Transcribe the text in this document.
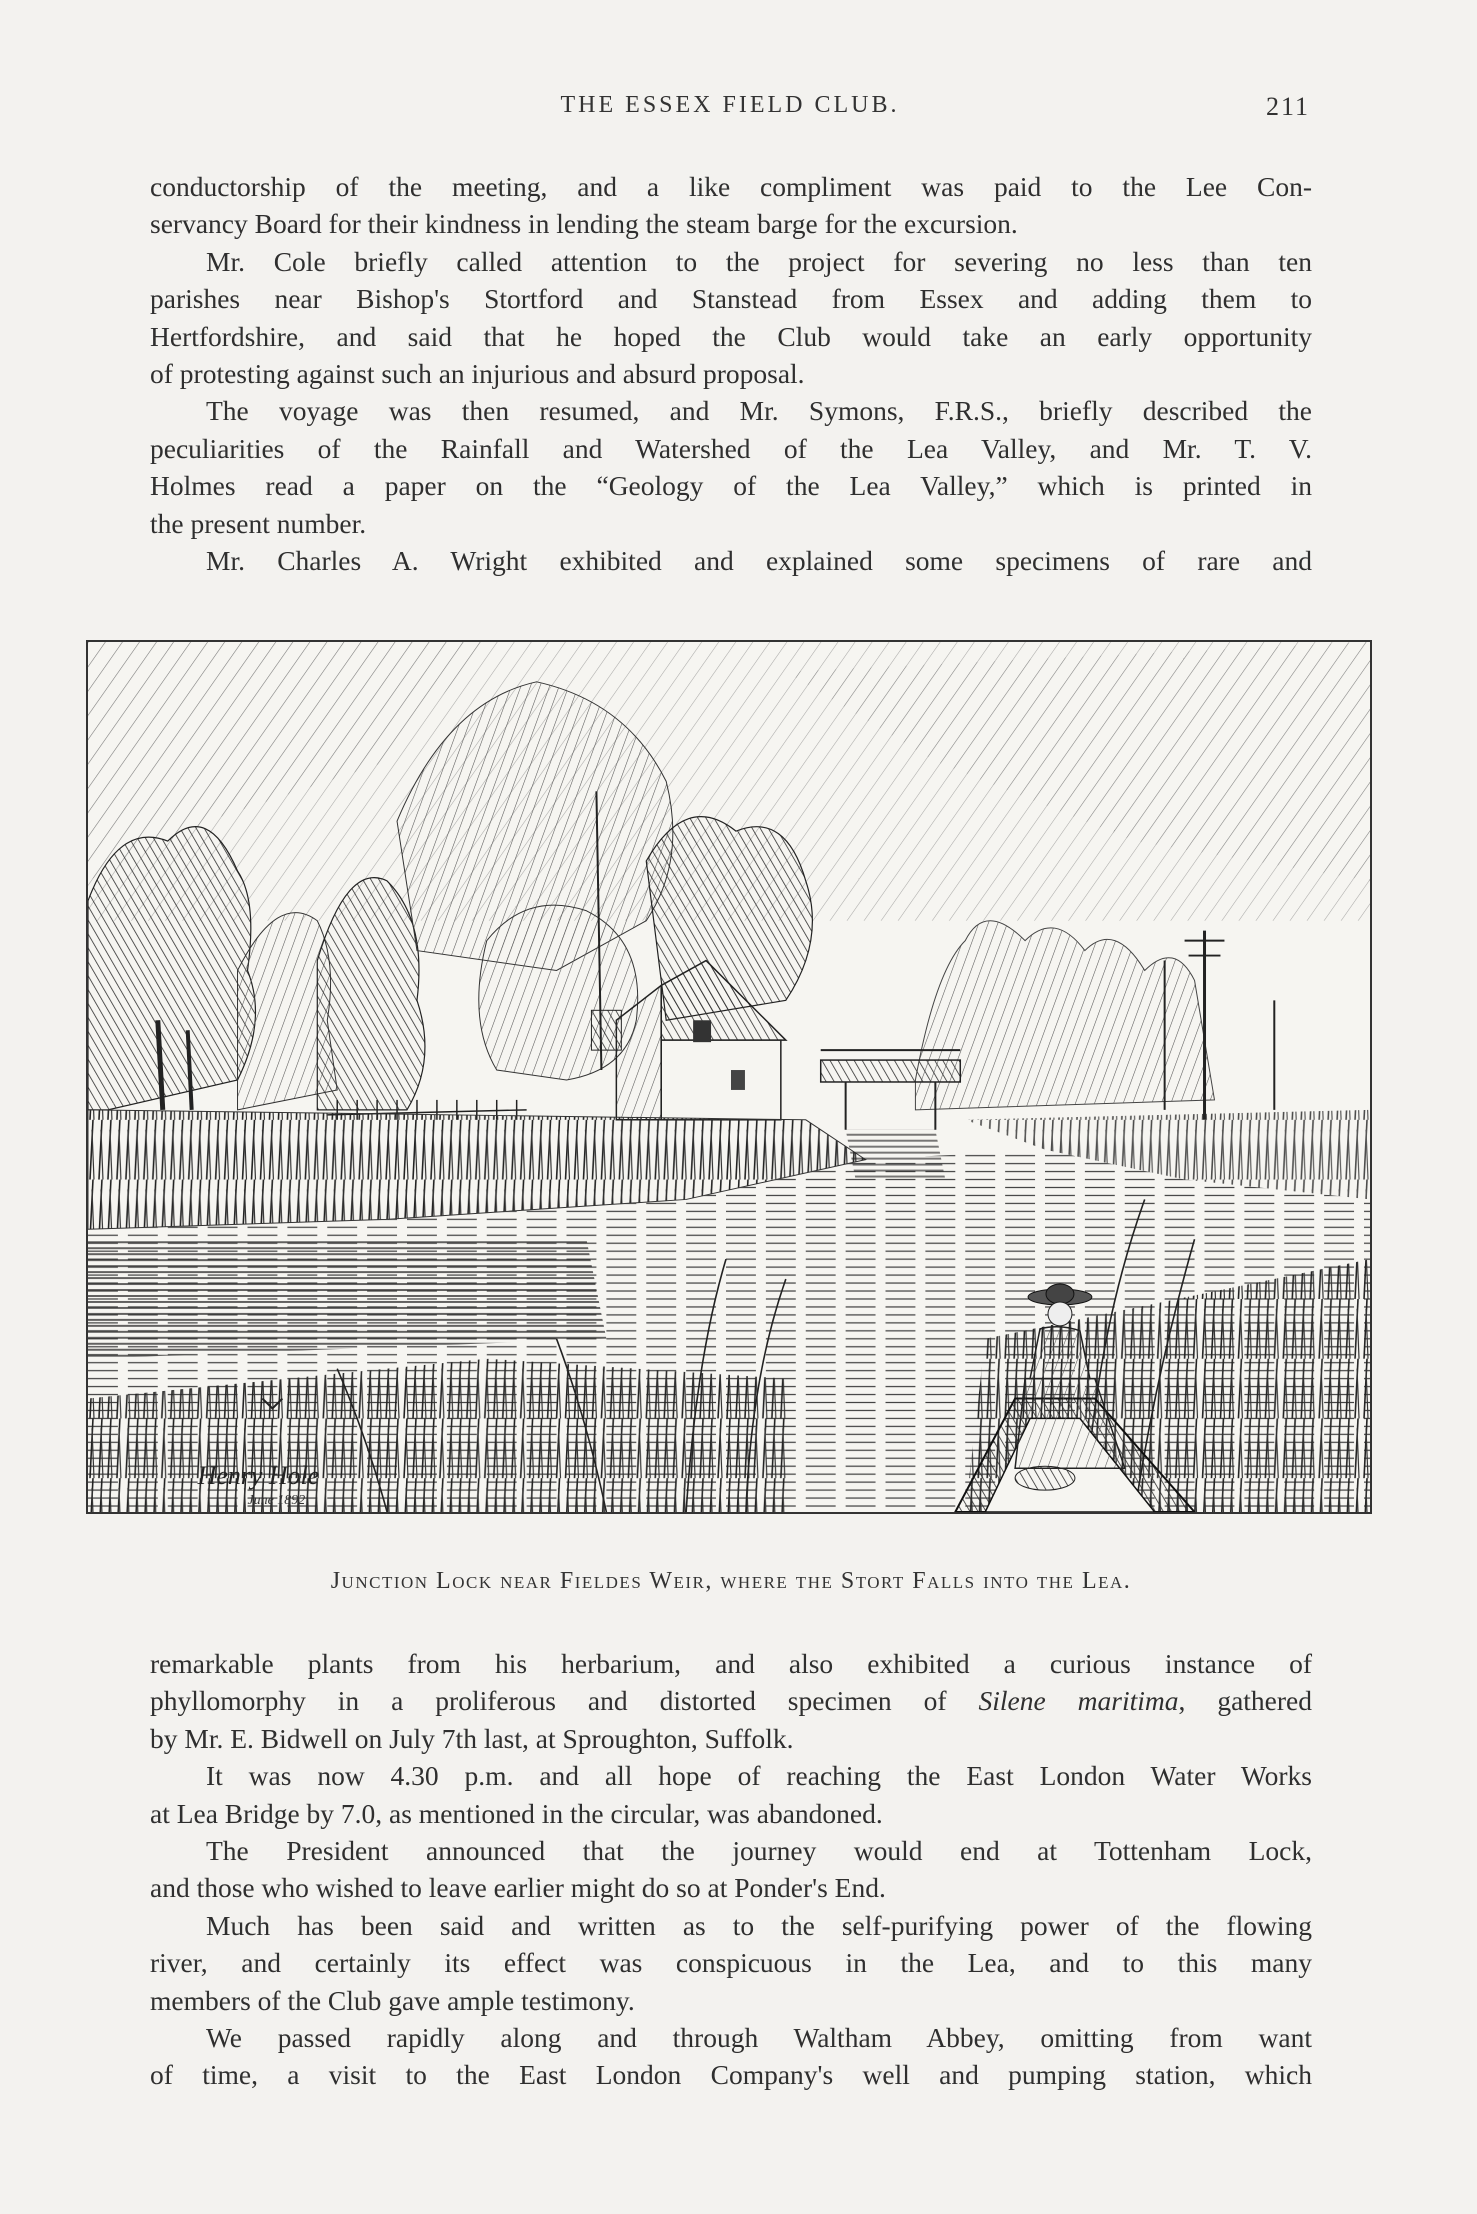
THE ESSEX FIELD CLUB.	211
conductorship of the meeting, and a like compliment was paid to the Lee Con-
servancy Board for their kindness in lending the steam barge for the excursion.
Mr. Cole briefly called attention to the project for severing no less than ten
parishes near Bishop's Stortford and Stanstead from Essex and adding them to
Hertfordshire, and said that he hoped the Club would take an early opportunity
of protesting against such an injurious and absurd proposal.
The voyage was then resumed, and Mr. Symons, F.R.S., briefly described the
peculiarities of the Rainfall and Watershed of the Lea Valley, and Mr. T. V.
Holmes read a paper on the “Geology of the Lea Valley,” which is printed in
the present number.
Mr. Charles A. Wright exhibited and explained some specimens of rare and
Henry Hole
June 1892
Junction Lock near Fieldes Weir, where the Stort Falls into the Lea.
remarkable plants from his herbarium, and also exhibited a curious instance of
phyllomorphy in a proliferous and distorted specimen of Silene maritima, gathered
by Mr. E. Bidwell on July 7th last, at Sproughton, Suffolk.
It was now 4.30 p.m. and all hope of reaching the East London Water Works
at Lea Bridge by 7.0, as mentioned in the circular, was abandoned.
The President announced that the journey would end at Tottenham Lock,
and those who wished to leave earlier might do so at Ponder's End.
Much has been said and written as to the self-purifying power of the flowing
river, and certainly its effect was conspicuous in the Lea, and to this many
members of the Club gave ample testimony.
We passed rapidly along and through Waltham Abbey, omitting from want
of time, a visit to the East London Company's well and pumping station, which
